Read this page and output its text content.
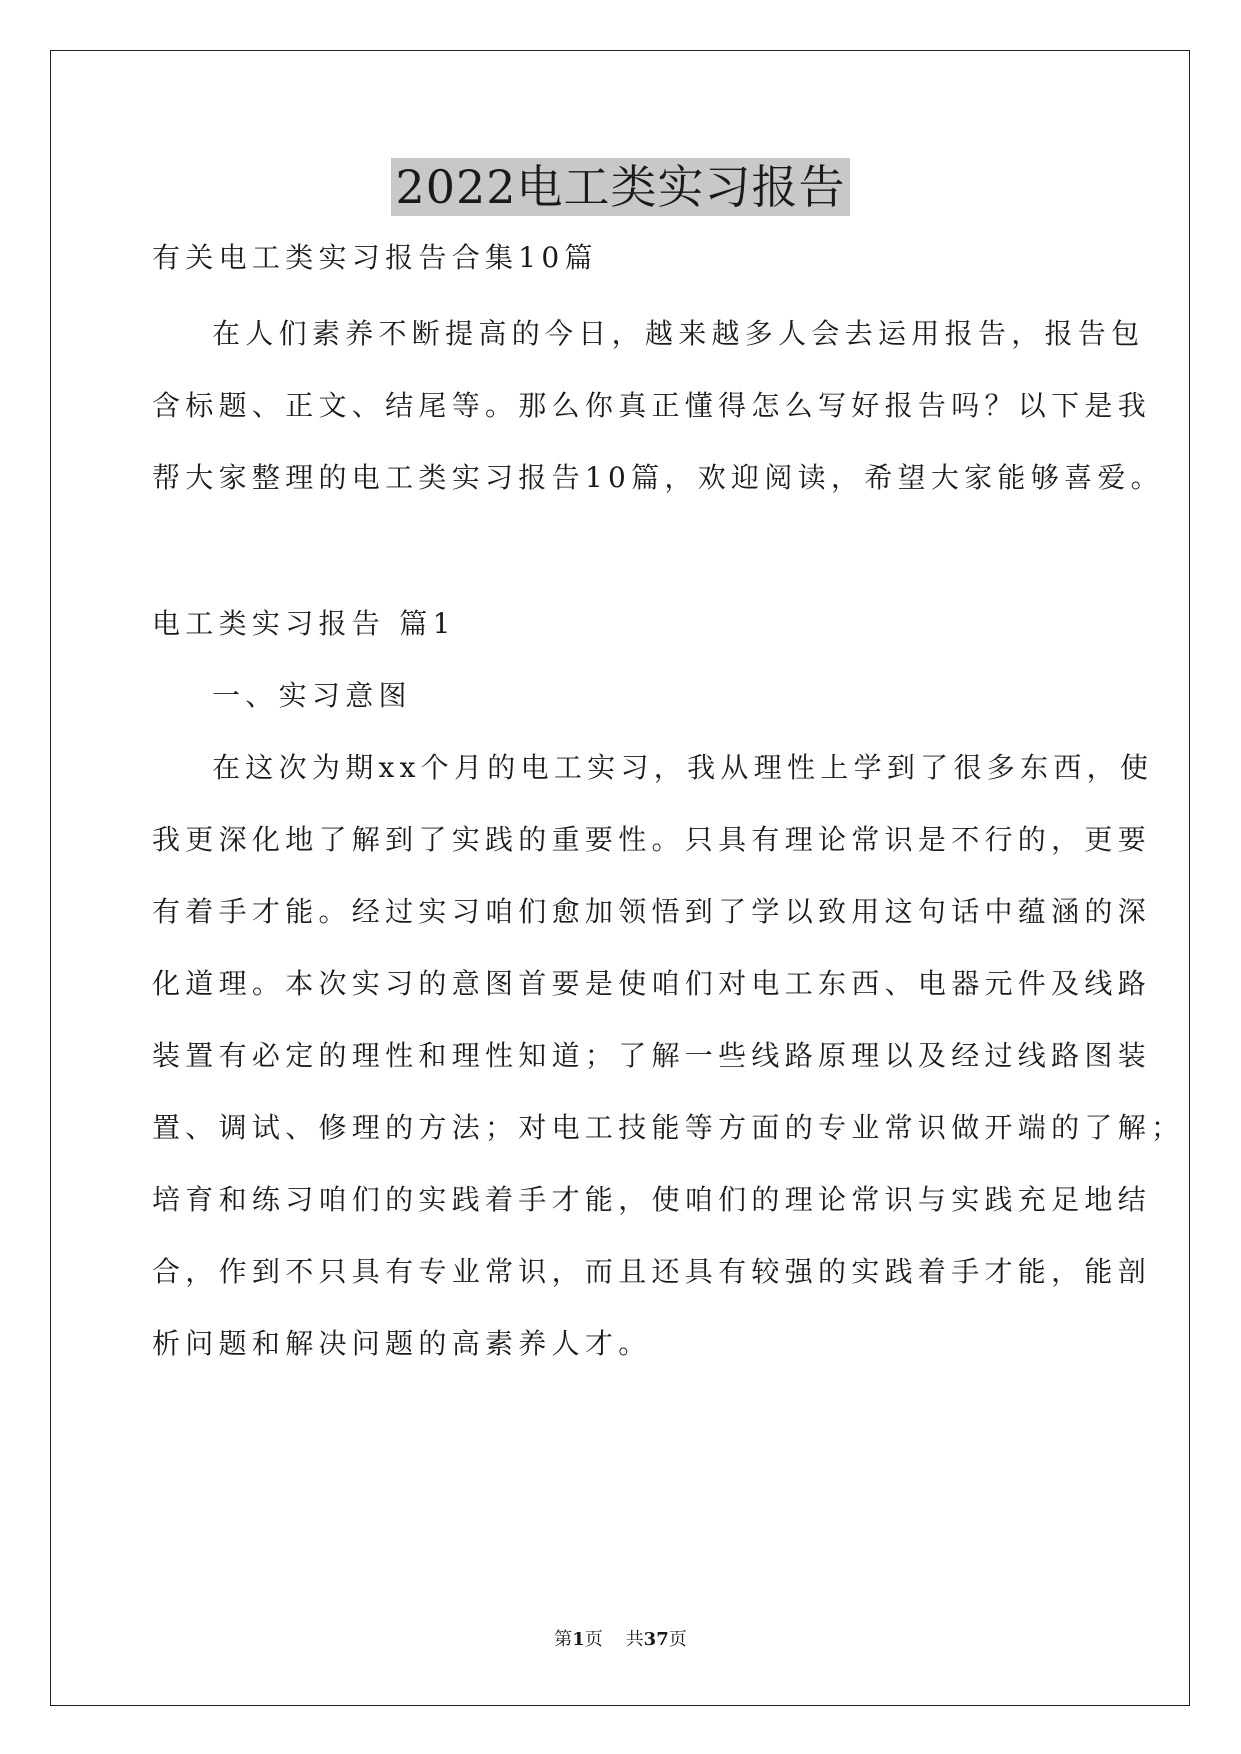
2022电工类实习报告
有关电工类实习报告合集10篇
在人们素养不断提高的今日，越来越多人会去运用报告，报告包
含标题、正文、结尾等。那么你真正懂得怎么写好报告吗？以下是我
帮大家整理的电工类实习报告10篇，欢迎阅读，希望大家能够喜爱。
电工类实习报告 篇1
一、实习意图
在这次为期xx个月的电工实习，我从理性上学到了很多东西，使
我更深化地了解到了实践的重要性。只具有理论常识是不行的，更要
有着手才能。经过实习咱们愈加领悟到了学以致用这句话中蕴涵的深
化道理。本次实习的意图首要是使咱们对电工东西、电器元件及线路
装置有必定的理性和理性知道；了解一些线路原理以及经过线路图装
置、调试、修理的方法；对电工技能等方面的专业常识做开端的了解；
培育和练习咱们的实践着手才能，使咱们的理论常识与实践充足地结
合，作到不只具有专业常识，而且还具有较强的实践着手才能，能剖
析问题和解决问题的高素养人才。
第1页 共37页
